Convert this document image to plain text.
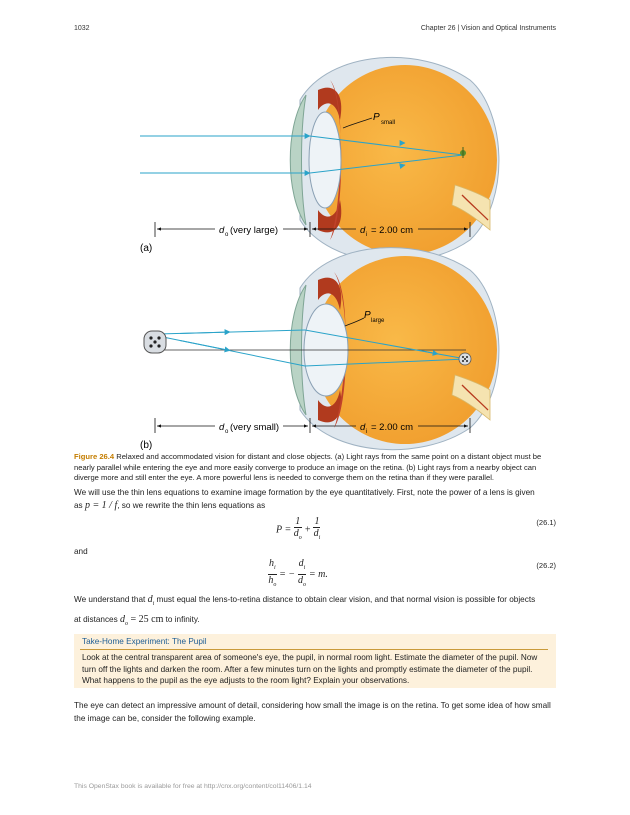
1032	Chapter 26 | Vision and Optical Instruments
P small
d o (very large)	d i = 2.00 cm
(a)
P large
d o (very small)	d i = 2.00 cm
(b)
Figure 26.4 Relaxed and accommodated vision for distant and close objects. (a) Light rays from the same point on a distant object must be nearly parallel while entering the eye and more easily converge to produce an image on the retina. (b) Light rays from a nearby object can diverge more and still enter the eye. A more powerful lens is needed to converge them on the retina than if they were parallel.
We will use the thin lens equations to examine image formation by the eye quantitatively. First, note the power of a lens is given
as p = 1 / f, so we rewrite the thin lens equations as
$P = \frac{1}{d_o} + \frac{1}{d_i}$	(26.1)
and
$\frac{h_i}{h_o}$ = − $\frac{d_i}{d_o} = m$.
(26.2)
We understand that $d_i$ must equal the lens-to-retina distance to obtain clear vision, and that normal vision is possible for objects
at distances $d_o = 25$ cm to infinity.
Take-Home Experiment: The Pupil
Look at the central transparent area of someone's eye, the pupil, in normal room light. Estimate the diameter of the pupil. Now turn off the lights and darken the room. After a few minutes turn on the lights and promptly estimate the diameter of the pupil. What happens to the pupil as the eye adjusts to the room light? Explain your observations.
The eye can detect an impressive amount of detail, considering how small the image is on the retina. To get some idea of how small the image can be, consider the following example.
This OpenStax book is available for free at http://cnx.org/content/col11406/1.14
